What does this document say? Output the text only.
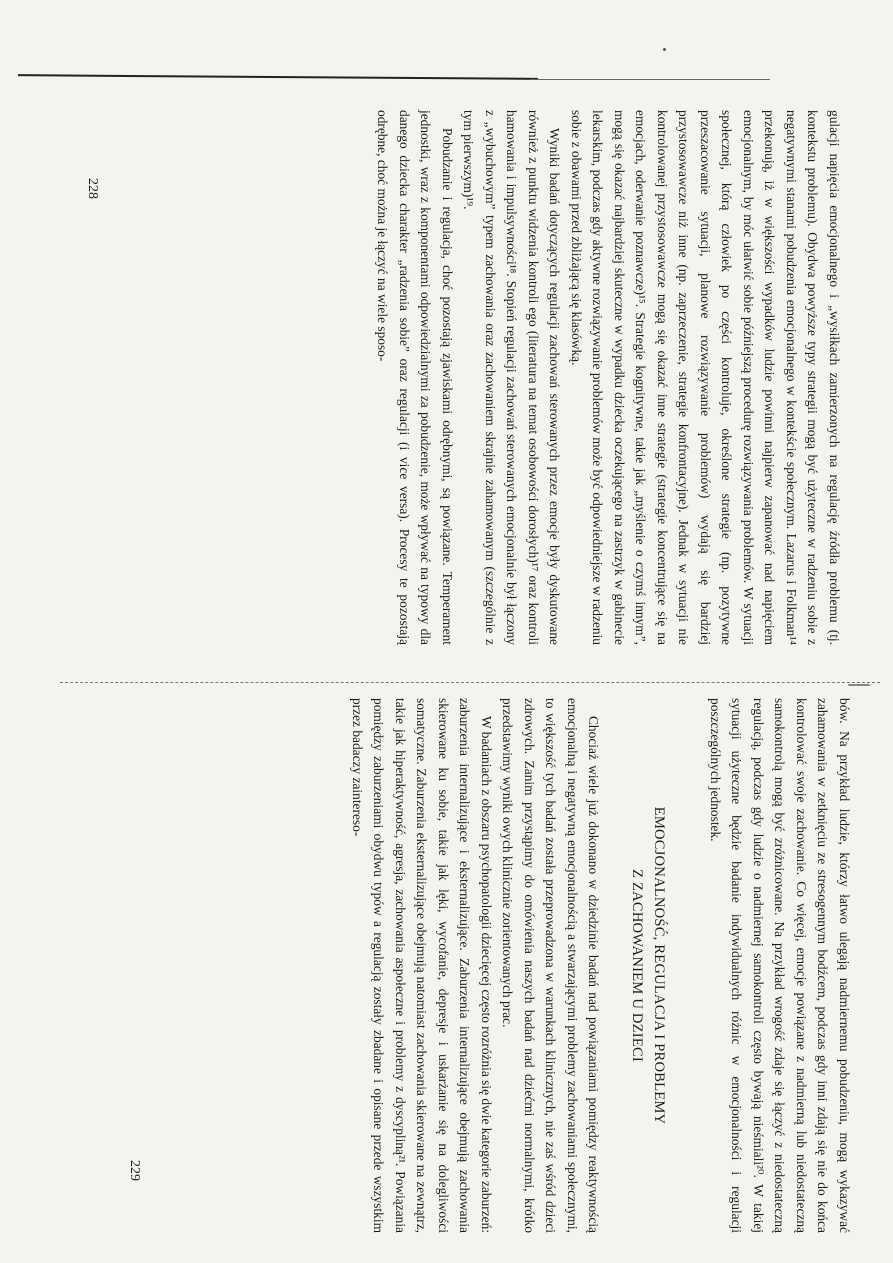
gulacji napięcia emocjonalnego i „wysiłkach zamierzonych na regulację źródła problemu (tj. kontekstu problemu). Obydwa powyższe typy strategii mogą być użyteczne w radzeniu sobie z negatywnymi stanami pobudzenia emocjonalnego w kontekście społecznym. Lazarus i Folkman¹⁴ przekonują, iż w większości wypadków ludzie powinni najpierw zapanować nad napięciem emocjonalnym, by móc ułatwić sobie późniejszą procedurę rozwiązywania problemów. W sytuacji społecznej, którą człowiek po części kontroluje, określone strategie (np. pozytywne przeszacowanie sytuacji, planowe rozwiązywanie problemów) wydają się bardziej przystosowawcze niż inne (np. zaprzeczenie, strategie konfrontacyjne). Jednak w sytuacji nie kontrolowanej przystosowawcze mogą się okazać inne strategie (strategie koncentrujące się na emocjach, oderwanie poznawcze)¹⁵. Strategie kognitywne, takie jak „myślenie o czymś innym”, mogą się okazać najbardziej skuteczne w wypadku dziecka oczekującego na zastrzyk w gabinecie lekarskim, podczas gdy aktywne rozwiązywanie problemów może być odpowiedniejsze w radzeniu sobie z obawami przed zbliżającą się klasówką.

Wyniki badań dotyczących regulacji zachowań sterowanych przez emocje były dyskutowane również z punktu widzenia kontroli ego (literatura na temat osobowości dorosłych)¹⁷ oraz kontroli hamowania i impulsywności¹⁸. Stopień regulacji zachowań sterowanych emocjonalnie był łączony z „wybuchowym” typem zachowania oraz zachowaniem skrajnie zahamowanym (szczególnie z tym pierwszym)¹⁹.

Pobudzanie i regulacja, choć pozostają zjawiskami odrębnymi, są powiązane. Temperament jednostki, wraz z komponentami odpowiedzialnymi za pobudzenie, może wpływać na typowy dla danego dziecka charakter „radzenia sobie” oraz regulacji (i vice versa). Procesy te pozostają odrębne, choć można je łączyć na wiele sposo-

228

bów. Na przykład ludzie, którzy łatwo ulegają nadmiernemu pobudzeniu, mogą wykazywać zahamowania w zetknięciu ze stresogennym bodźcem, podczas gdy inni zdają się nie do końca kontrolować swoje zachowanie. Co więcej, emocje powiązane z nadmierną lub niedostateczną samokontrolą mogą być zróżnicowane. Na przykład wrogość zdaje się łączyć z niedostateczną regulacją, podczas gdy ludzie o nadmiernej samokontroli często bywają nieśmiali²⁰. W takiej sytuacji użyteczne będzie badanie indywidualnych różnic w emocjonalności i regulacji poszczególnych jednostek.

EMOCJONALNOŚĆ, REGULACJA I PROBLEMY

Z ZACHOWANIEM U DZIECI

Chociaż wiele już dokonano w dziedzinie badań nad powiązaniami pomiędzy reaktywnością emocjonalną i negatywną emocjonalnością a stwarzającymi problemy zachowaniami społecznymi, to większość tych badań została przeprowadzona w warunkach klinicznych, nie zaś wśród dzieci zdrowych. Zanim przystąpimy do omówienia naszych badań nad dziećmi normalnymi, krótko przedstawimy wyniki owych klinicznie zorientowanych prac.

W badaniach z obszaru psychopatologii dziecięcej często rozróżnia się dwie kategorie zaburzeń: zaburzenia internalizujące i eksternalizujące. Zaburzenia internalizujące obejmują zachowania skierowane ku sobie, takie jak lęki, wycofanie, depresje i uskarżanie się na dolegliwości somatyczne. Zaburzenia eksternalizujące obejmują natomiast zachowania skierowane na zewnątrz, takie jak hiperaktywność, agresja, zachowania aspołeczne i problemy z dyscypliną²¹. Powiązania pomiędzy zaburzeniami obydwu typów a regulacją zostały zbadane i opisane przede wszystkim przez badaczy zaintereso-

229
